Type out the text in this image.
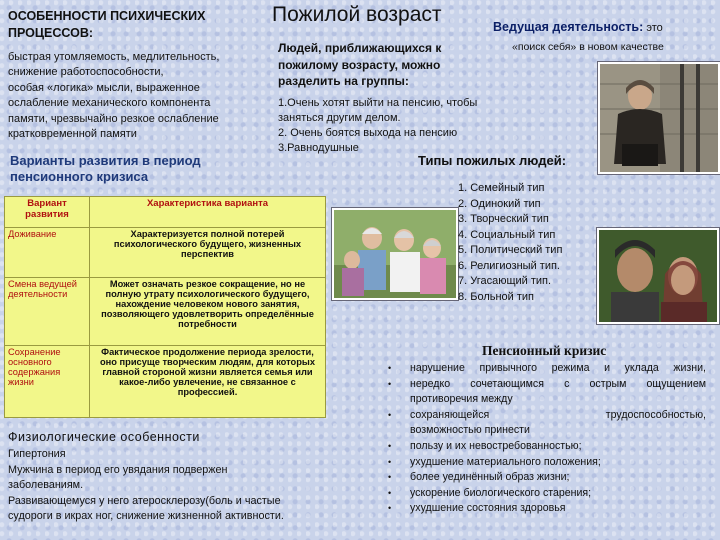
ОСОБЕННОСТИ ПСИХИЧЕСКИХ
ПРОЦЕССОВ:
быстрая утомляемость, медлительность,
снижение работоспособности,
особая «логика» мысли, выраженное
ослабление механического компонента
памяти, чрезвычайно резкое ослабление
кратковременной памяти
Варианты развития в период
пенсионного кризиса
Вариант развития	Характеристика варианта
Доживание	Характеризуется полной потерей психологического будущего, жизненных перспектив
Смена ведущей деятельности	Может означать резкое сокращение, но не полную утрату психологического будущего, нахождение человеком нового занятия, позволяющего удовлетворить определённые потребности
Сохранение основного содержания жизни	Фактическое продолжение периода зрелости, оно присуще творческим людям, для которых главной стороной жизни является семья или какое-либо увлечение, не связанное с профессией.
Физиологические особенности
Гипертония
Мужчина в период его увядания подвержен
заболеваниям.
Развивающемуся у него атеросклерозу(боль и частые
судороги в икрах ног, снижение жизненной активности.
Пожилой возраст
Людей, приближающихся к
пожилому возрасту, можно
разделить на группы:
1.Очень хотят выйти на пенсию, чтобы
заняться другим делом.
2. Очень боятся выхода на пенсию
3.Равнодушные
Ведущая деятельность: это
«поиск себя» в новом качестве
Типы пожилых людей:
1. Семейный тип
2. Одинокий тип
3. Творческий тип
4. Социальный тип
5. Политический тип
6. Религиозный тип.
7. Угасающий тип.
8. Больной тип
Пенсионный кризис
• нарушение привычного режима и уклада жизни,
• нередко сочетающимся с острым ощущением
противоречия между
• сохраняющейся трудоспособностью,
возможностью принести
• пользу и их невостребованностью;
• ухудшение материального положения;
• более уединённый образ жизни;
• ускорение биологического старения;
• ухудшение состояния здоровья
